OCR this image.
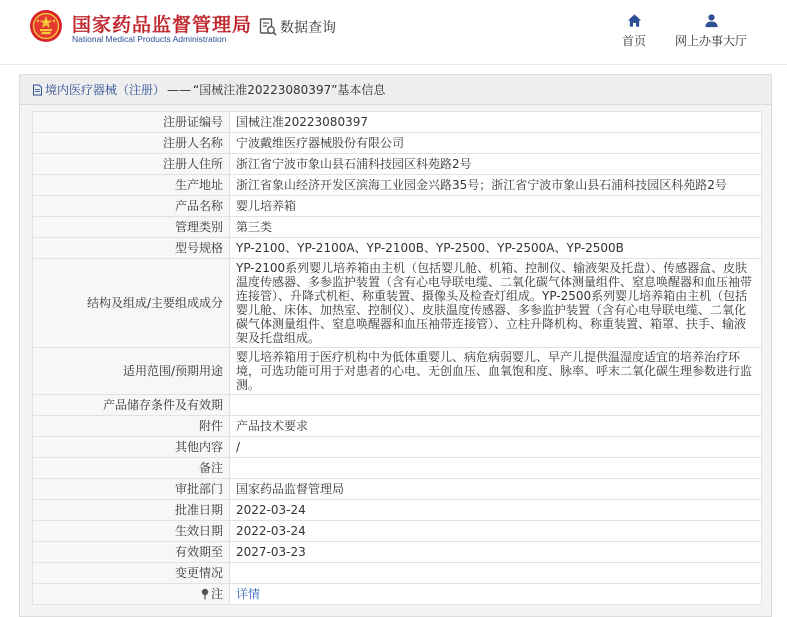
国家药品监督管理局
National Medical Products Administration
数据查询
首页 网上办事大厅
境内医疗器械（注册） —— “国械注准20223080397”基本信息
注册证编号	国械注准20223080397
注册人名称	宁波戴维医疗器械股份有限公司
注册人住所	浙江省宁波市象山县石浦科技园区科苑路2号
生产地址	浙江省象山经济开发区滨海工业园金兴路35号；浙江省宁波市象山县石浦科技园区科苑路2号
产品名称	婴儿培养箱
管理类别	第三类
型号规格	YP-2100、YP-2100A、YP-2100B、YP-2500、YP-2500A、YP-2500B
结构及组成/主要组成成分	YP-2100系列婴儿培养箱由主机（包括婴儿舱、机箱、控制仪、输液架及托盘）、传感器盒、皮肤温度传感器、多参监护装置（含有心电导联电缆、二氧化碳气体测量组件、窒息唤醒器和血压袖带连接管）、升降式机柜、称重装置、摄像头及检查灯组成。YP-2500系列婴儿培养箱由主机（包括婴儿舱、床体、加热室、控制仪）、皮肤温度传感器、多参监护装置（含有心电导联电缆、二氧化碳气体测量组件、窒息唤醒器和血压袖带连接管）、立柱升降机构、称重装置、箱罩、扶手、输液架及托盘组成。
适用范围/预期用途	婴儿培养箱用于医疗机构中为低体重婴儿、病危病弱婴儿、早产儿提供温湿度适宜的培养治疗环境，可选功能可用于对患者的心电、无创血压、血氧饱和度、脉率、呼末二氧化碳生理参数进行监测。
产品储存条件及有效期	
附件	产品技术要求
其他内容	/
备注	
审批部门	国家药品监督管理局
批准日期	2022-03-24
生效日期	2022-03-24
有效期至	2027-03-23
变更情况	
注	详情
